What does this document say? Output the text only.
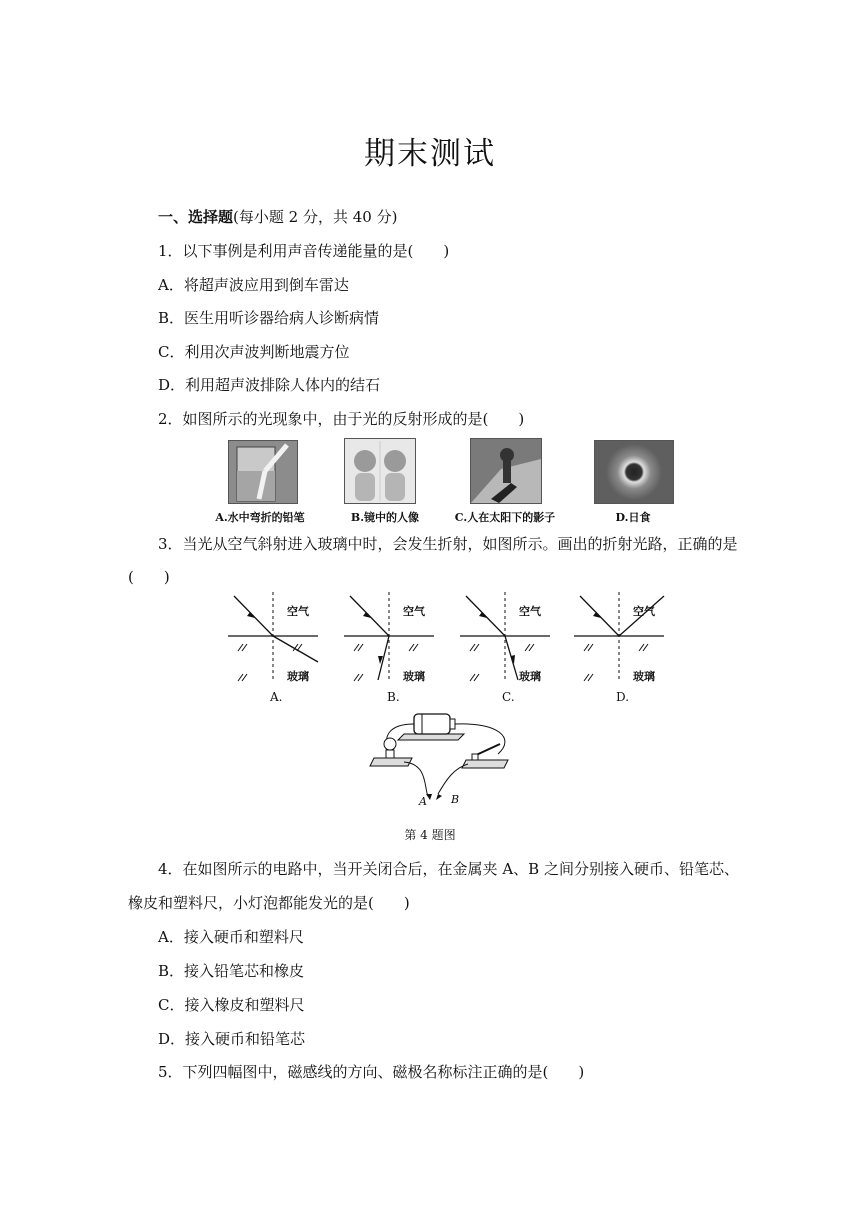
期末测试
一、选择题(每小题 2 分，共 40 分)
1．以下事例是利用声音传递能量的是(　　)
A．将超声波应用到倒车雷达
B．医生用听诊器给病人诊断病情
C．利用次声波判断地震方位
D．利用超声波排除人体内的结石
2．如图所示的光现象中，由于光的反射形成的是(　　)
A.水中弯折的铅笔	B.镜中的人像	C.人在太阳下的影子	D.日食
3．当光从空气斜射进入玻璃中时，会发生折射，如图所示。画出的折射光路，正确的是
(　　)
空气
玻璃
空气
玻璃
空气
玻璃
空气
玻璃
A.	B.	C.	D.
A B
第 4 题图
4．在如图所示的电路中，当开关闭合后，在金属夹 A、B 之间分别接入硬币、铅笔芯、
橡皮和塑料尺，小灯泡都能发光的是(　　)
A．接入硬币和塑料尺
B．接入铅笔芯和橡皮
C．接入橡皮和塑料尺
D．接入硬币和铅笔芯
5．下列四幅图中，磁感线的方向、磁极名称标注正确的是(　　)
